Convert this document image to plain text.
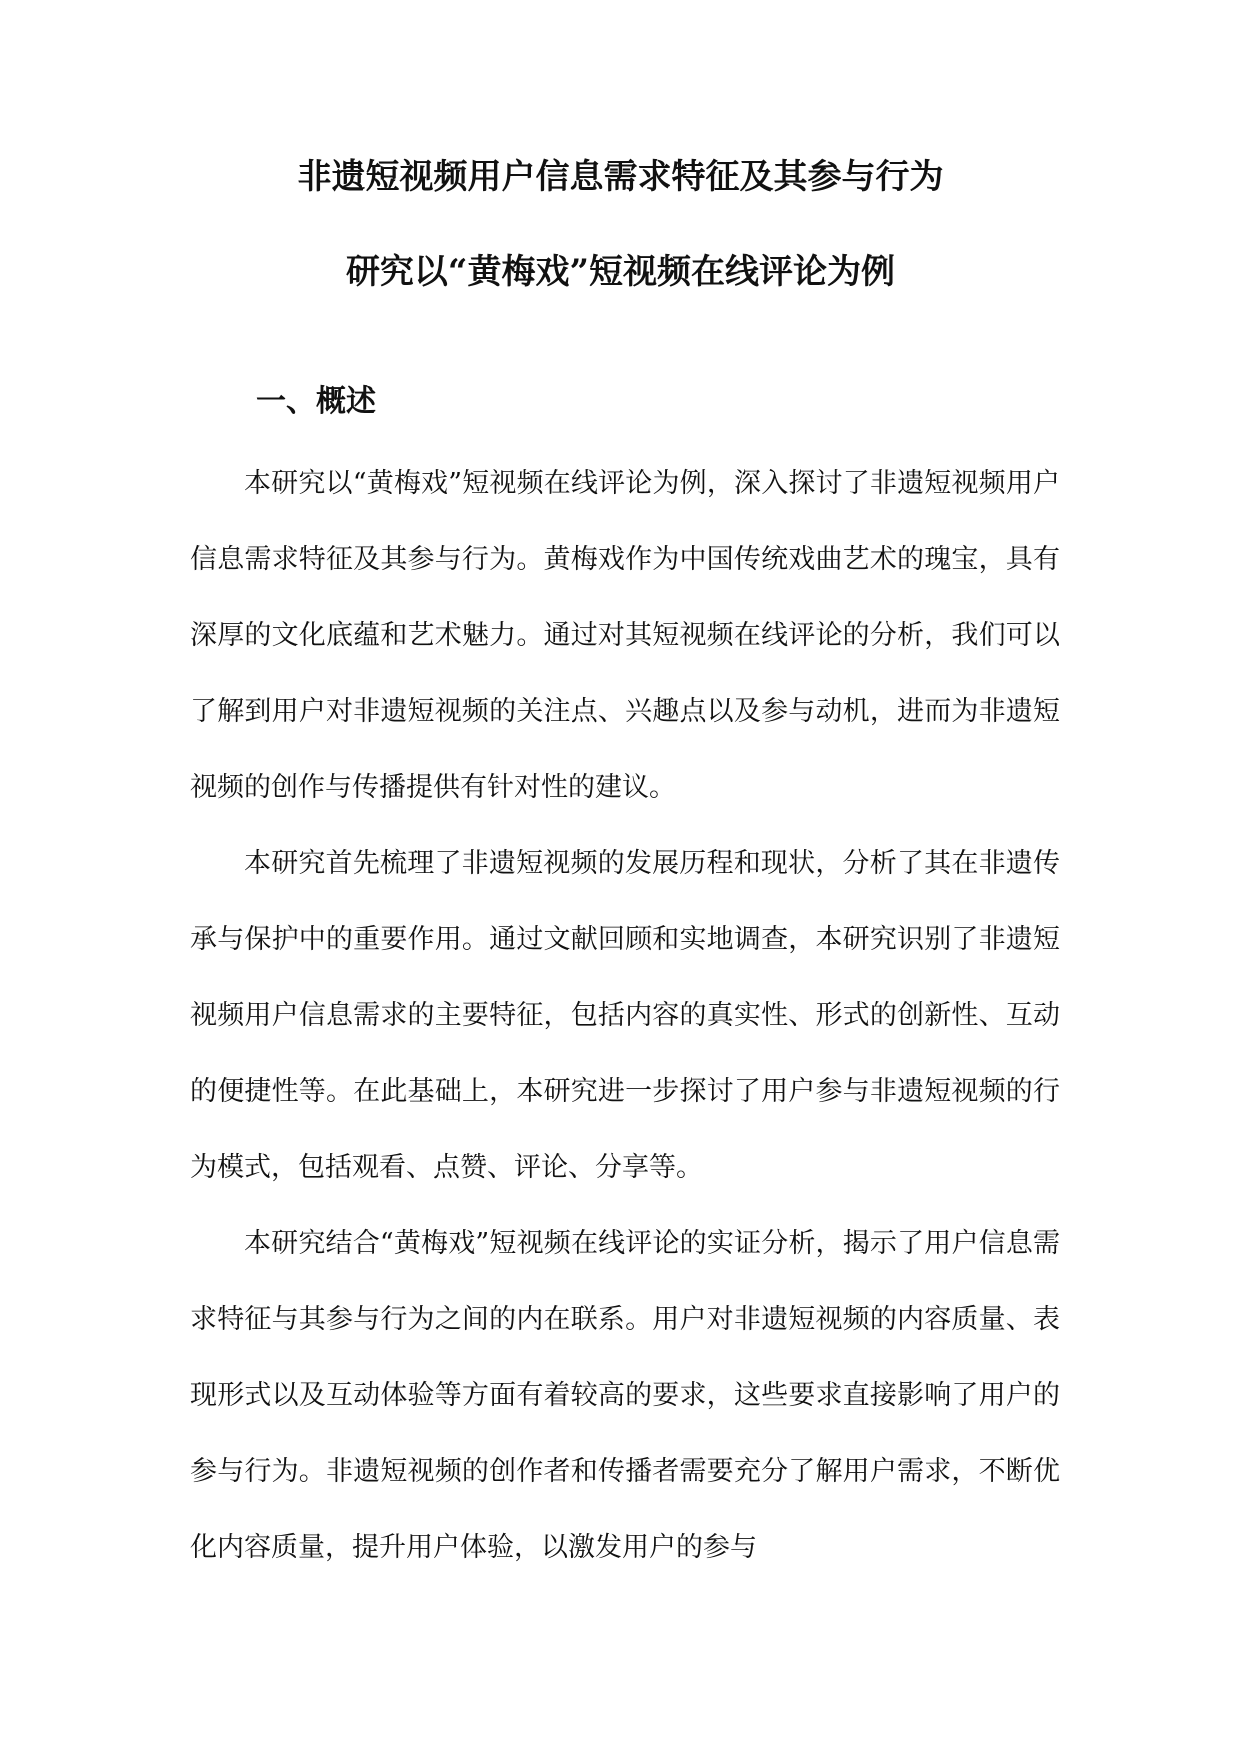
非遗短视频用户信息需求特征及其参与行为
研究以“黄梅戏”短视频在线评论为例
一、概述

本研究以“黄梅戏”短视频在线评论为例，深入探讨了非遗短视频用户信息需求特征及其参与行为。黄梅戏作为中国传统戏曲艺术的瑰宝，具有深厚的文化底蕴和艺术魅力。通过对其短视频在线评论的分析，我们可以了解到用户对非遗短视频的关注点、兴趣点以及参与动机，进而为非遗短视频的创作与传播提供有针对性的建议。

本研究首先梳理了非遗短视频的发展历程和现状，分析了其在非遗传承与保护中的重要作用。通过文献回顾和实地调查，本研究识别了非遗短视频用户信息需求的主要特征，包括内容的真实性、形式的创新性、互动的便捷性等。在此基础上，本研究进一步探讨了用户参与非遗短视频的行为模式，包括观看、点赞、评论、分享等。

本研究结合“黄梅戏”短视频在线评论的实证分析，揭示了用户信息需求特征与其参与行为之间的内在联系。用户对非遗短视频的内容质量、表现形式以及互动体验等方面有着较高的要求，这些要求直接影响了用户的参与行为。非遗短视频的创作者和传播者需要充分了解用户需求，不断优化内容质量，提升用户体验，以激发用户的参与
